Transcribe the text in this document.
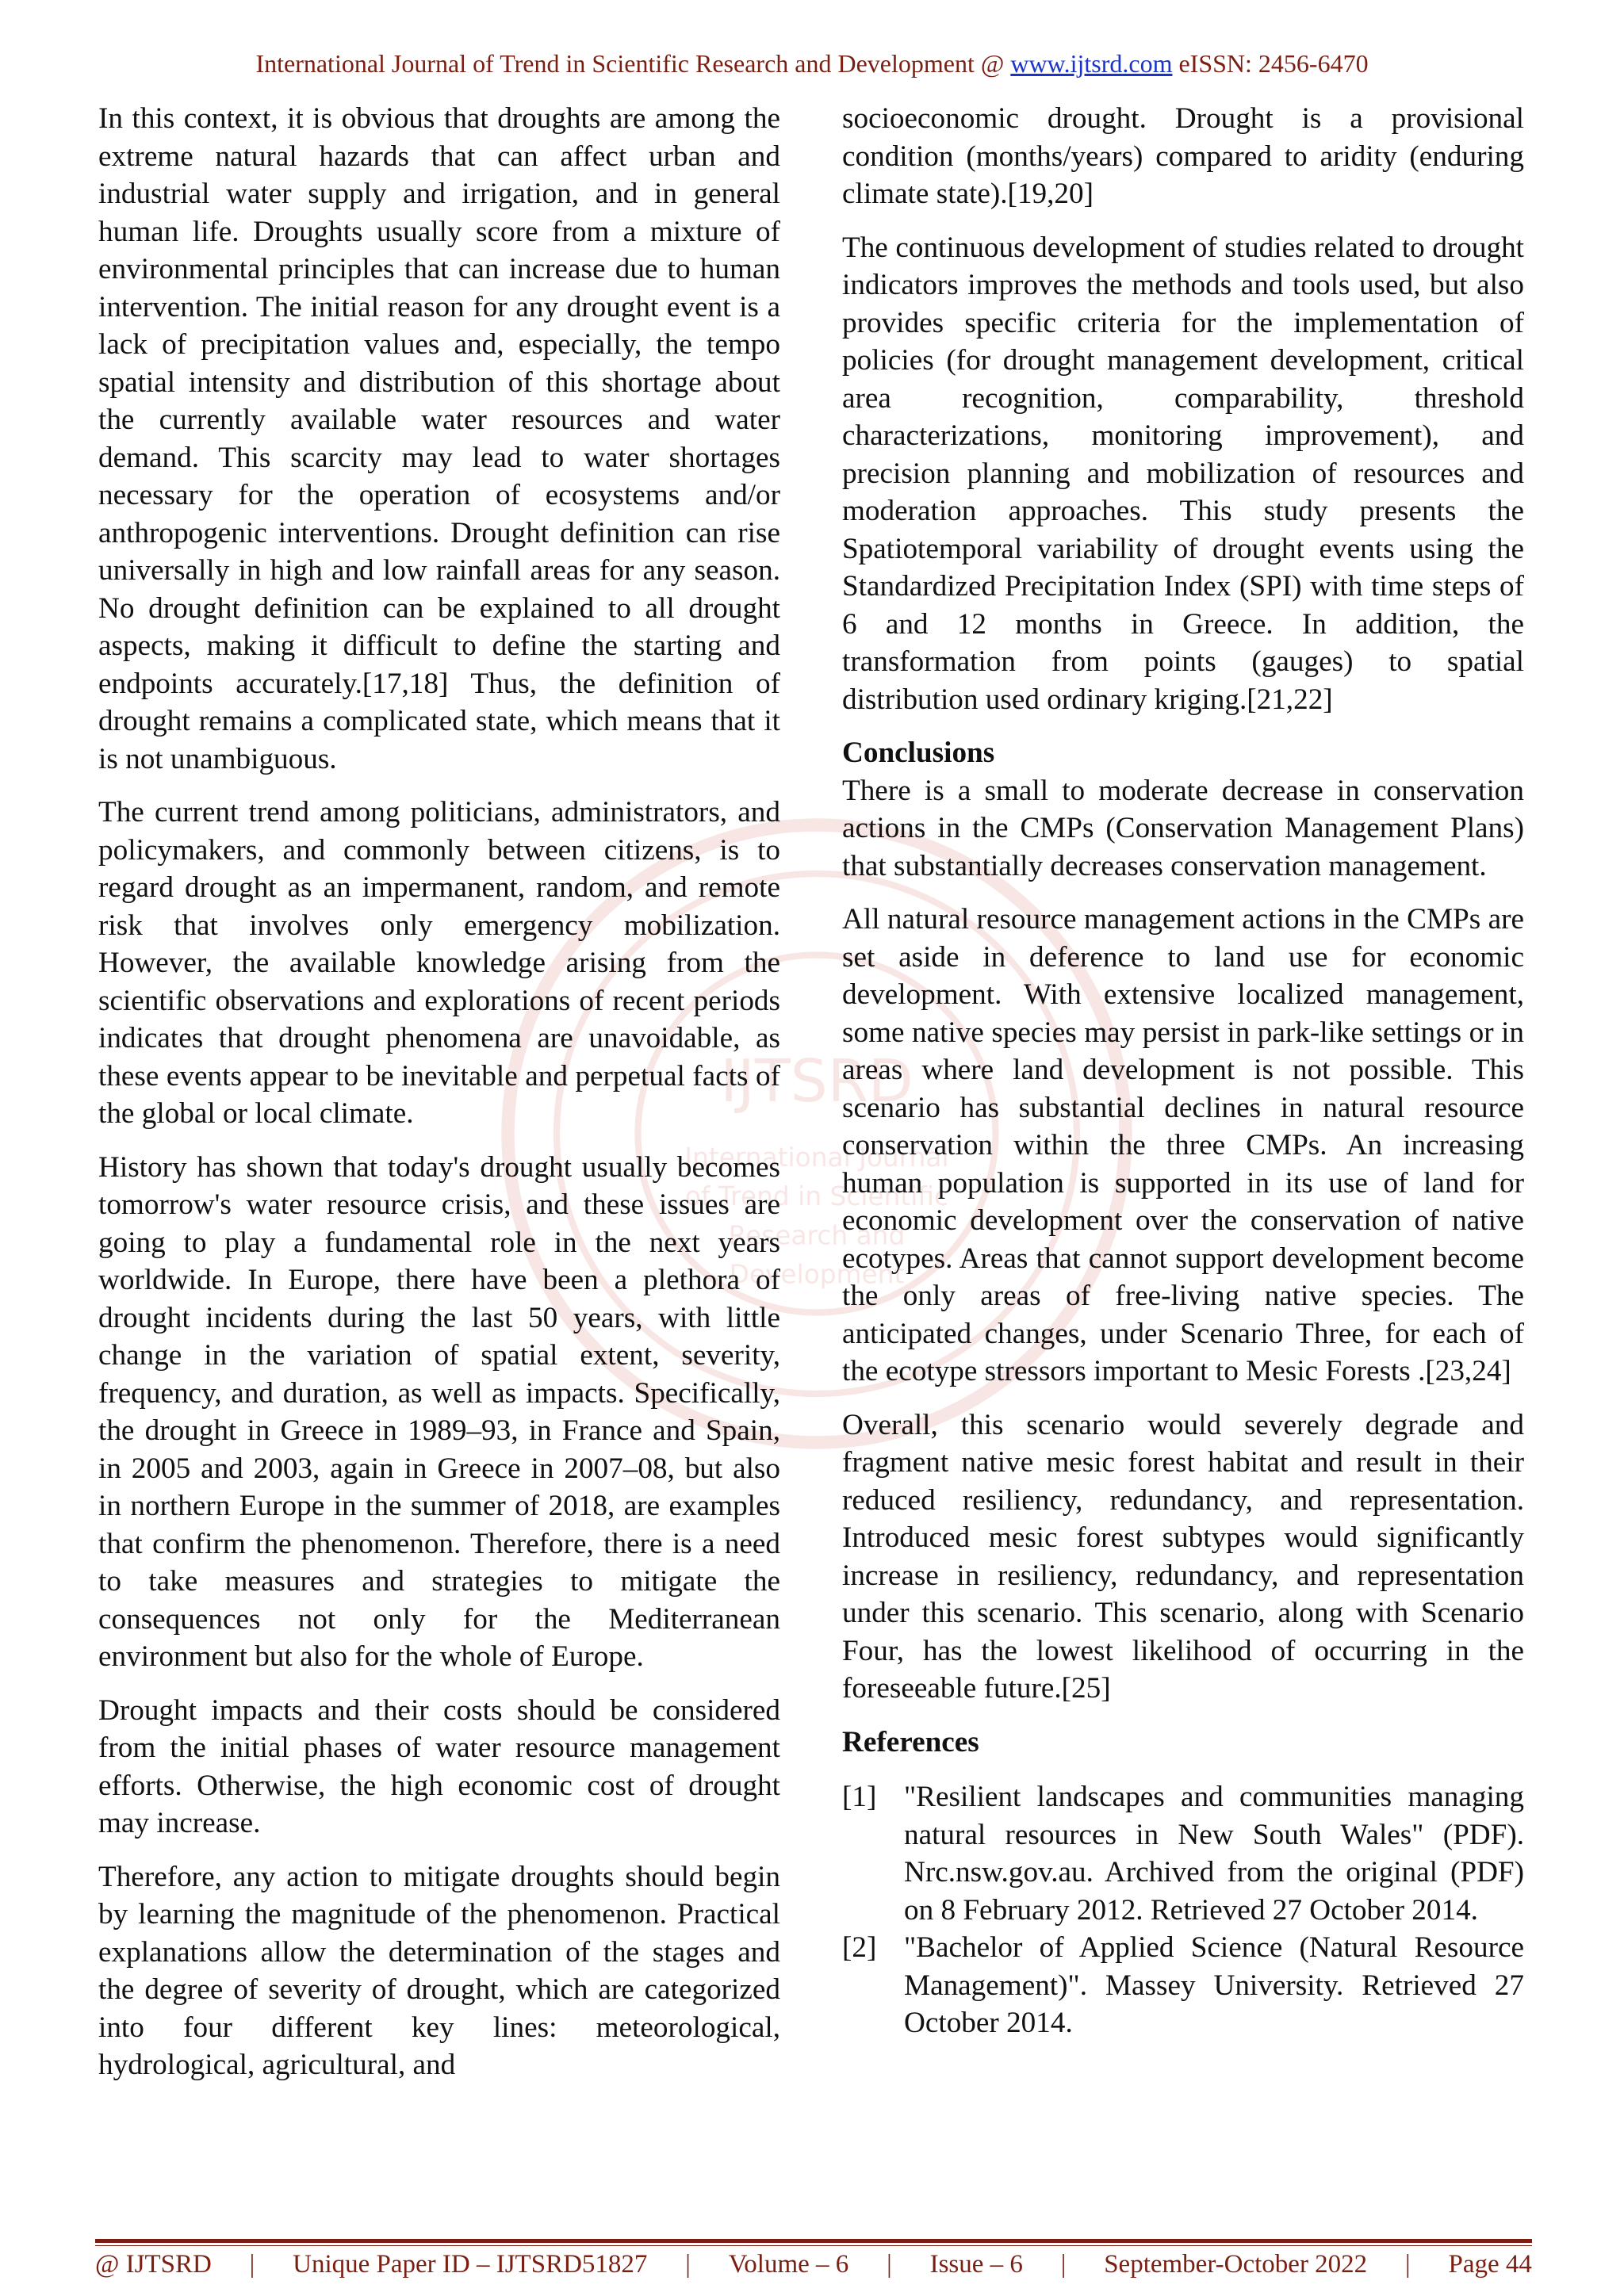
International Journal of Trend in Scientific Research and Development @ www.ijtsrd.com eISSN: 2456-6470
IJTSRD
International Journal
of Trend in Scientific
Research and
Development

In this context, it is obvious that droughts are among the extreme natural hazards that can affect urban and industrial water supply and irrigation, and in general human life. Droughts usually score from a mixture of environmental principles that can increase due to human intervention. The initial reason for any drought event is a lack of precipitation values and, especially, the tempo spatial intensity and distribution of this shortage about the currently available water resources and water demand. This scarcity may lead to water shortages necessary for the operation of ecosystems and/or anthropogenic interventions. Drought definition can rise universally in high and low rainfall areas for any season. No drought definition can be explained to all drought aspects, making it difficult to define the starting and endpoints accurately.[17,18] Thus, the definition of drought remains a complicated state, which means that it is not unambiguous.

The current trend among politicians, administrators, and policymakers, and commonly between citizens, is to regard drought as an impermanent, random, and remote risk that involves only emergency mobilization. However, the available knowledge arising from the scientific observations and explorations of recent periods indicates that drought phenomena are unavoidable, as these events appear to be inevitable and perpetual facts of the global or local climate.

History has shown that today's drought usually becomes tomorrow's water resource crisis, and these issues are going to play a fundamental role in the next years worldwide. In Europe, there have been a plethora of drought incidents during the last 50 years, with little change in the variation of spatial extent, severity, frequency, and duration, as well as impacts. Specifically, the drought in Greece in 1989–93, in France and Spain, in 2005 and 2003, again in Greece in 2007–08, but also in northern Europe in the summer of 2018, are examples that confirm the phenomenon. Therefore, there is a need to take measures and strategies to mitigate the consequences not only for the Mediterranean environment but also for the whole of Europe.

Drought impacts and their costs should be considered from the initial phases of water resource management efforts. Otherwise, the high economic cost of drought may increase.

Therefore, any action to mitigate droughts should begin by learning the magnitude of the phenomenon. Practical explanations allow the determination of the stages and the degree of severity of drought, which are categorized into four different key lines: meteorological, hydrological, agricultural, and

socioeconomic drought. Drought is a provisional condition (months/years) compared to aridity (enduring climate state).[19,20]

The continuous development of studies related to drought indicators improves the methods and tools used, but also provides specific criteria for the implementation of policies (for drought management development, critical area recognition, comparability, threshold characterizations, monitoring improvement), and precision planning and mobilization of resources and moderation approaches. This study presents the Spatiotemporal variability of drought events using the Standardized Precipitation Index (SPI) with time steps of 6 and 12 months in Greece. In addition, the transformation from points (gauges) to spatial distribution used ordinary kriging.[21,22]

Conclusions

There is a small to moderate decrease in conservation actions in the CMPs (Conservation Management Plans) that substantially decreases conservation management.

All natural resource management actions in the CMPs are set aside in deference to land use for economic development. With extensive localized management, some native species may persist in park-like settings or in areas where land development is not possible. This scenario has substantial declines in natural resource conservation within the three CMPs. An increasing human population is supported in its use of land for economic development over the conservation of native ecotypes. Areas that cannot support development become the only areas of free-living native species. The anticipated changes, under Scenario Three, for each of the ecotype stressors important to Mesic Forests .[23,24]

Overall, this scenario would severely degrade and fragment native mesic forest habitat and result in their reduced resiliency, redundancy, and representation. Introduced mesic forest subtypes would significantly increase in resiliency, redundancy, and representation under this scenario. This scenario, along with Scenario Four, has the lowest likelihood of occurring in the foreseeable future.[25]

References
[1] "Resilient landscapes and communities managing natural resources in New South Wales" (PDF). Nrc.nsw.gov.au. Archived from the original (PDF) on 8 February 2012. Retrieved 27 October 2014.
[2] "Bachelor of Applied Science (Natural Resource Management)". Massey University. Retrieved 27 October 2014.
@ IJTSRD | Unique Paper ID – IJTSRD51827 | Volume – 6 | Issue – 6 | September-October 2022 | Page 44
